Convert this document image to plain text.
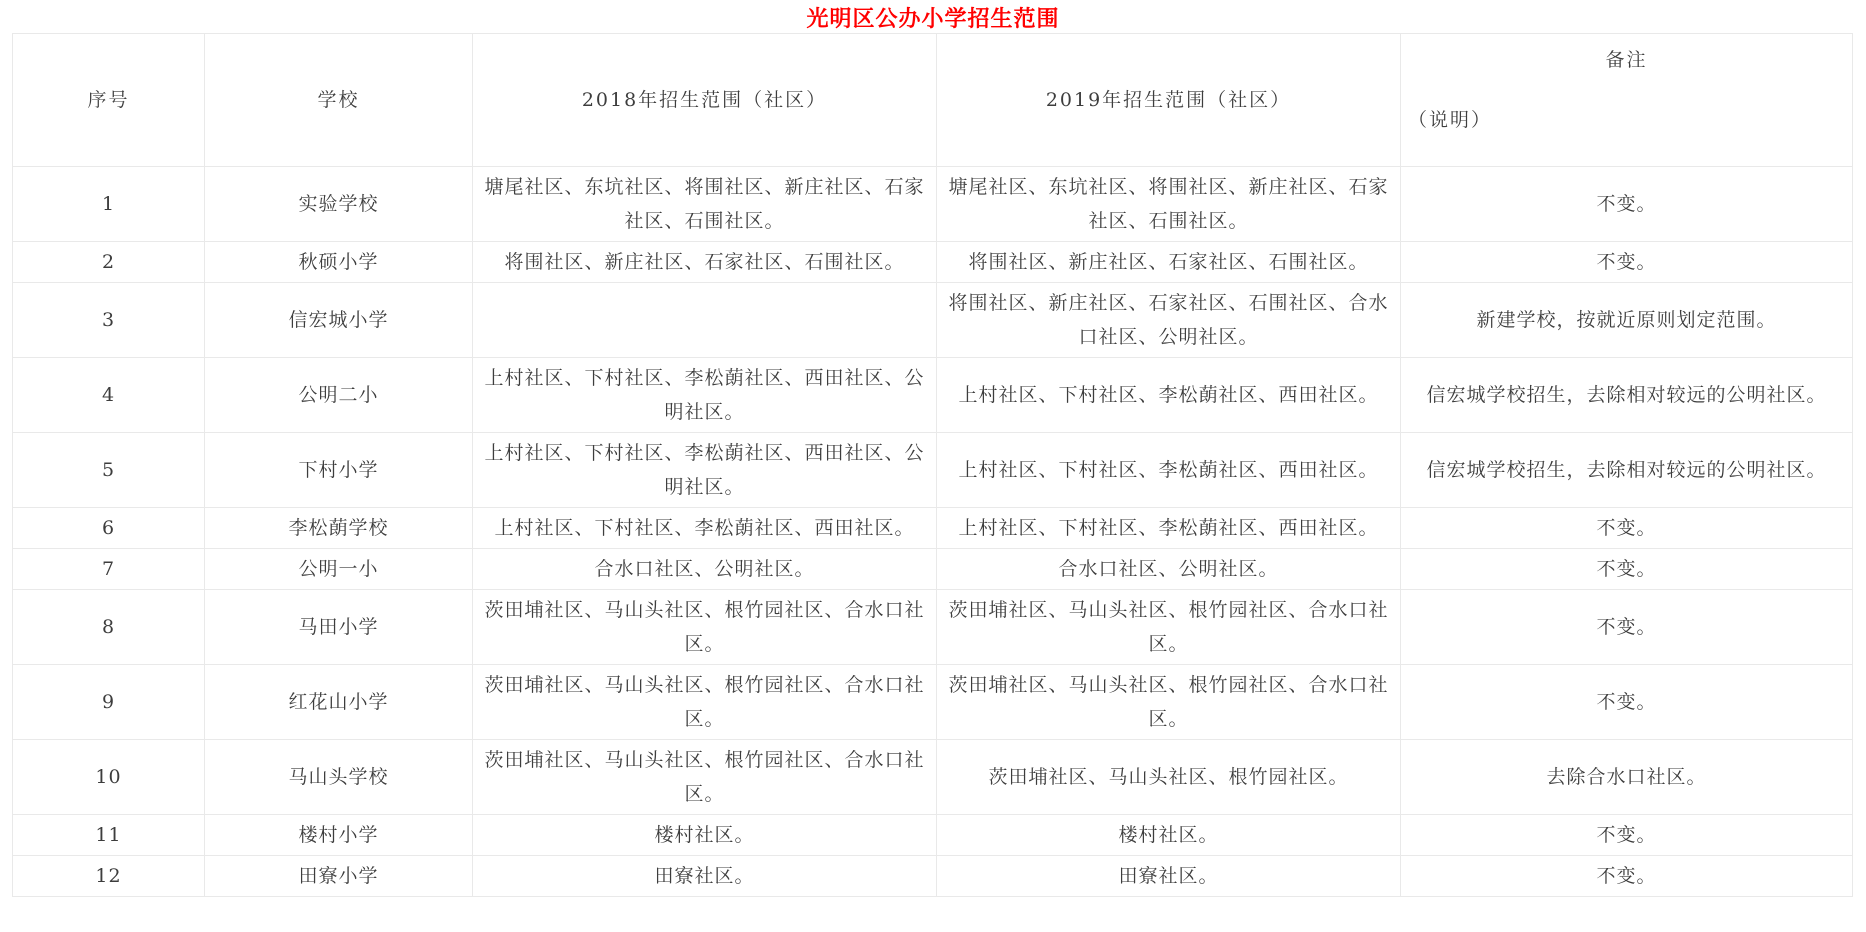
光明区公办小学招生范围
序号	学校	2018年招生范围（社区）	2019年招生范围（社区）	备注
（说明）

1	实验学校	塘尾社区、东坑社区、将围社区、新庄社区、石家社区、石围社区。	塘尾社区、东坑社区、将围社区、新庄社区、石家社区、石围社区。	不变。
2	秋硕小学	将围社区、新庄社区、石家社区、石围社区。	将围社区、新庄社区、石家社区、石围社区。	不变。
3	信宏城小学		将围社区、新庄社区、石家社区、石围社区、合水口社区、公明社区。	新建学校，按就近原则划定范围。
4	公明二小	上村社区、下村社区、李松蓢社区、西田社区、公明社区。	上村社区、下村社区、李松蓢社区、西田社区。	信宏城学校招生，去除相对较远的公明社区。
5	下村小学	上村社区、下村社区、李松蓢社区、西田社区、公明社区。	上村社区、下村社区、李松蓢社区、西田社区。	信宏城学校招生，去除相对较远的公明社区。
6	李松蓢学校	上村社区、下村社区、李松蓢社区、西田社区。	上村社区、下村社区、李松蓢社区、西田社区。	不变。
7	公明一小	合水口社区、公明社区。	合水口社区、公明社区。	不变。
8	马田小学	茨田埔社区、马山头社区、根竹园社区、合水口社区。	茨田埔社区、马山头社区、根竹园社区、合水口社区。	不变。
9	红花山小学	茨田埔社区、马山头社区、根竹园社区、合水口社区。	茨田埔社区、马山头社区、根竹园社区、合水口社区。	不变。
10	马山头学校	茨田埔社区、马山头社区、根竹园社区、合水口社区。	茨田埔社区、马山头社区、根竹园社区。	去除合水口社区。
11	楼村小学	楼村社区。	楼村社区。	不变。
12	田寮小学	田寮社区。	田寮社区。	不变。
